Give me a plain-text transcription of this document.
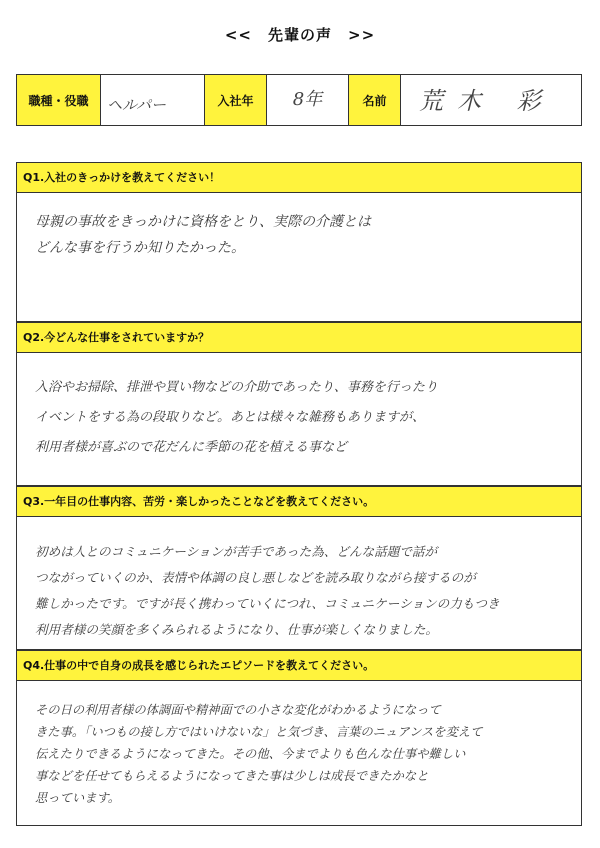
<<　先輩の声　>>
職種・役職	ヘルパー	入社年	8年	名前	荒木 彩
Q1.入社のきっかけを教えてください！
母親の事故をきっかけに資格をとり、実際の介護とは
どんな事を行うか知りたかった。
Q2.今どんな仕事をされていますか？
入浴やお掃除、排泄や買い物などの介助であったり、事務を行ったり
イベントをする為の段取りなど。あとは様々な雑務もありますが、
利用者様が喜ぶので花だんに季節の花を植える事など
Q3.一年目の仕事内容、苦労・楽しかったことなどを教えてください。
初めは人とのコミュニケーションが苦手であった為、どんな話題で話が
つながっていくのか、表情や体調の良し悪しなどを読み取りながら接するのが
難しかったです。ですが長く携わっていくにつれ、コミュニケーションの力もつき
利用者様の笑顔を多くみられるようになり、仕事が楽しくなりました。
Q4.仕事の中で自身の成長を感じられたエピソードを教えてください。
その日の利用者様の体調面や精神面での小さな変化がわかるようになって
きた事。「いつもの接し方ではいけないな」と気づき、言葉のニュアンスを変えて
伝えたりできるようになってきた。その他、今までよりも色んな仕事や難しい
事などを任せてもらえるようになってきた事は少しは成長できたかなと
思っています。
